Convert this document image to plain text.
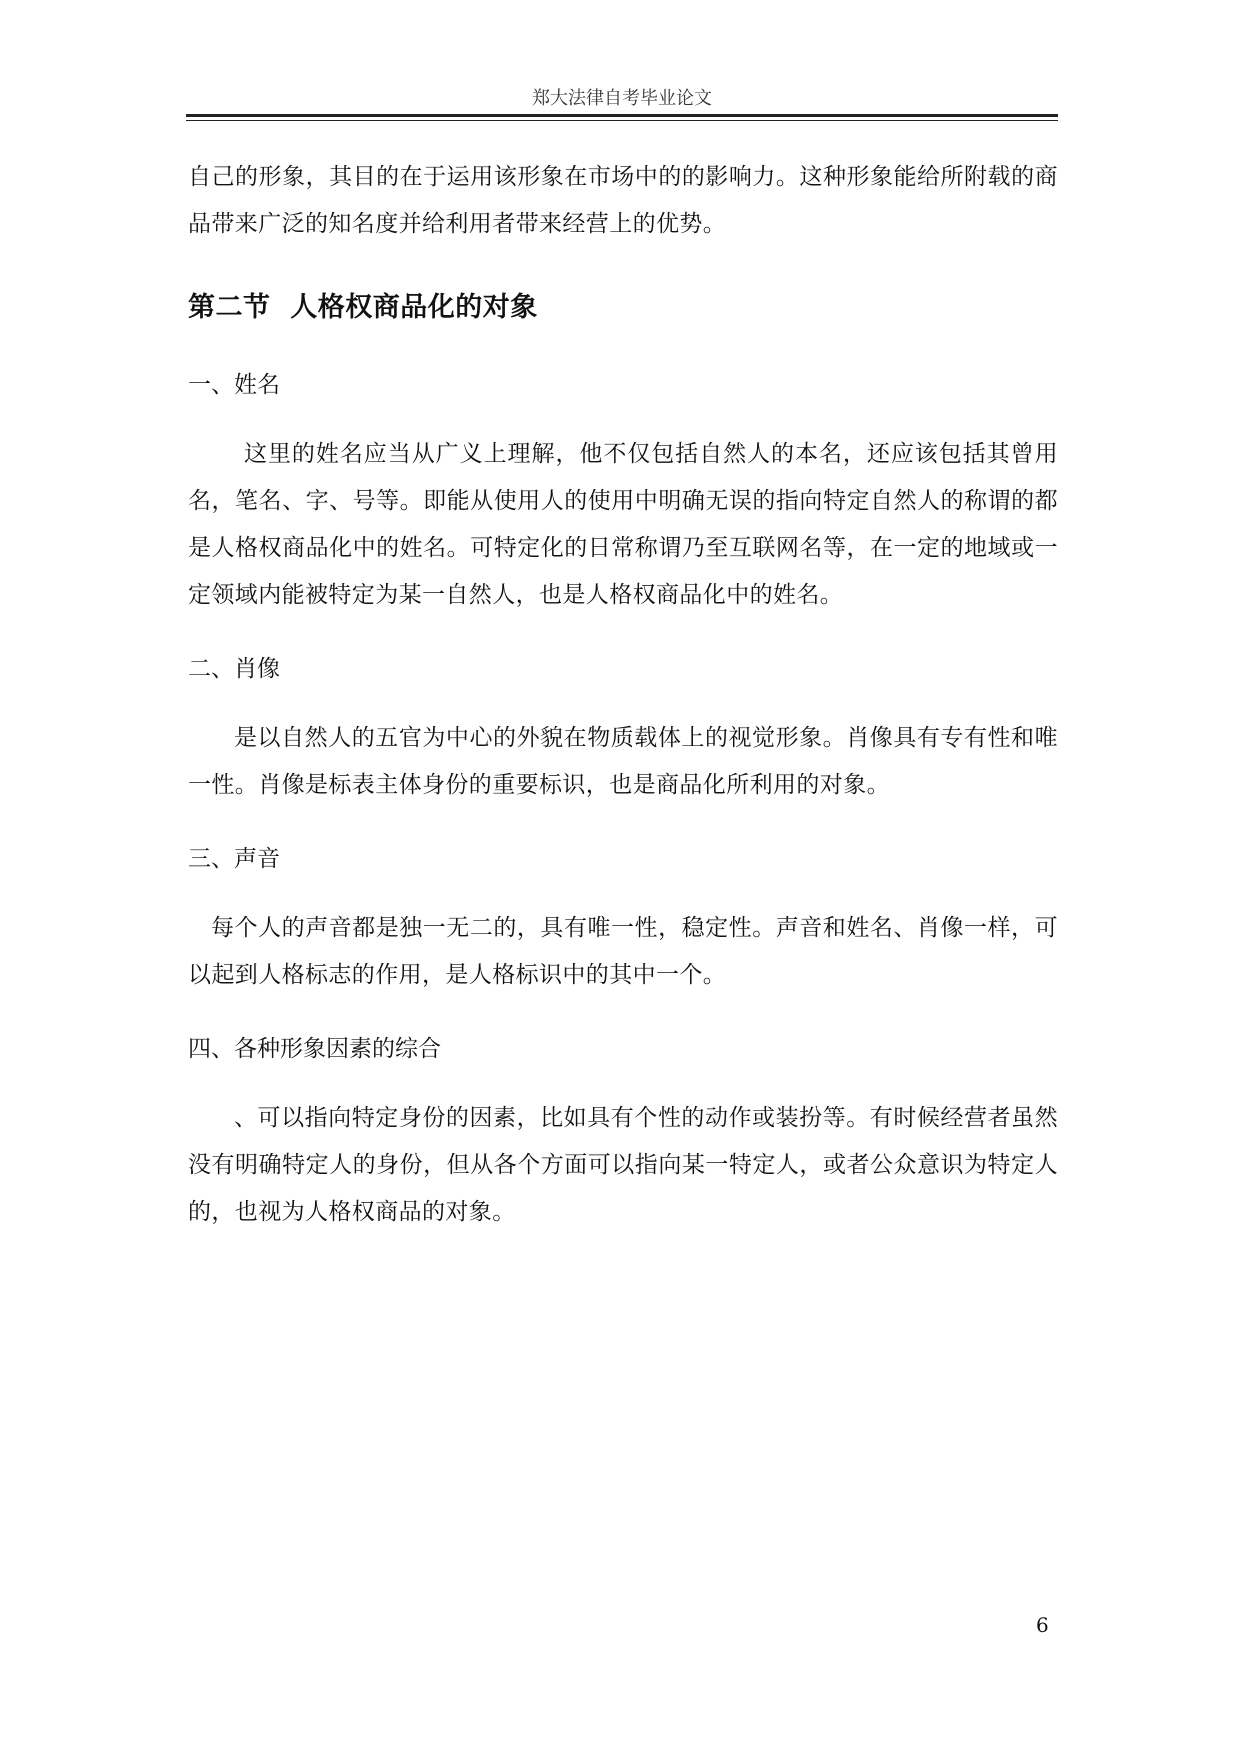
郑大法律自考毕业论文

自己的形象，其目的在于运用该形象在市场中的的影响力。这种形象能给所附载的商品带来广泛的知名度并给利用者带来经营上的优势。

第二节  人格权商品化的对象
一、姓名

这里的姓名应当从广义上理解，他不仅包括自然人的本名，还应该包括其曾用名，笔名、字、号等。即能从使用人的使用中明确无误的指向特定自然人的称谓的都是人格权商品化中的姓名。可特定化的日常称谓乃至互联网名等，在一定的地域或一定领域内能被特定为某一自然人，也是人格权商品化中的姓名。

二、肖像

是以自然人的五官为中心的外貌在物质载体上的视觉形象。肖像具有专有性和唯一性。肖像是标表主体身份的重要标识，也是商品化所利用的对象。

三、声音

每个人的声音都是独一无二的，具有唯一性，稳定性。声音和姓名、肖像一样，可以起到人格标志的作用，是人格标识中的其中一个。

四、各种形象因素的综合

、可以指向特定身份的因素，比如具有个性的动作或装扮等。有时候经营者虽然没有明确特定人的身份，但从各个方面可以指向某一特定人，或者公众意识为特定人的，也视为人格权商品的对象。

6
